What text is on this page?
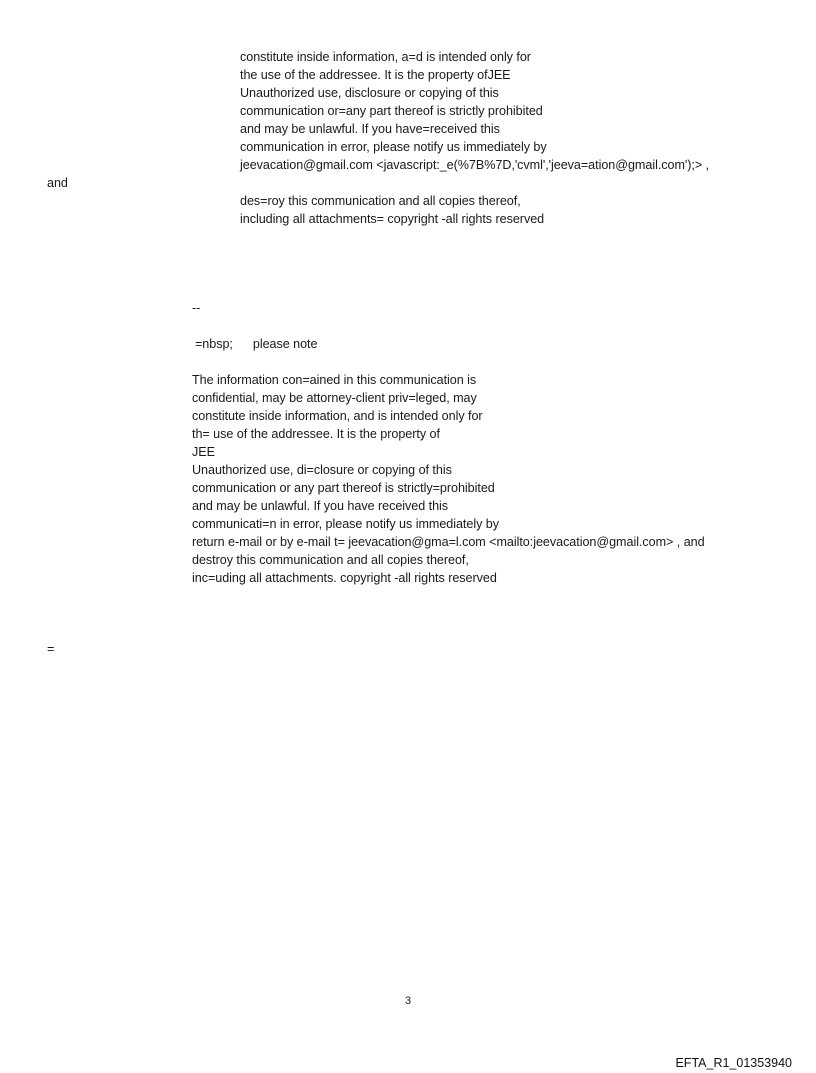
constitute inside information, a=d is intended only for
the use of the addressee. It is the property ofJEE
Unauthorized use, disclosure or copying of this
communication or=any part thereof is strictly prohibited
and may be unlawful. If you have=received this
communication in error, please notify us immediately by
jeevacation@gmail.com <javascript:_e(%7B%7D,'cvml','jeeva=ation@gmail.com');> ,
and
des=roy this communication and all copies thereof,
including all attachments= copyright -all rights reserved
--
=nbsp; please note
The information con=ained in this communication is
confidential, may be attorney-client priv=leged, may
constitute inside information, and is intended only for
th= use of the addressee. It is the property of
JEE
Unauthorized use, di=closure or copying of this
communication or any part thereof is strictly=prohibited
and may be unlawful. If you have received this
communicati=n in error, please notify us immediately by
return e-mail or by e-mail t= jeevacation@gma=l.com <mailto:jeevacation@gmail.com> , and
destroy this communication and all copies thereof,
inc=uding all attachments. copyright -all rights reserved
=
3
EFTA_R1_01353940
